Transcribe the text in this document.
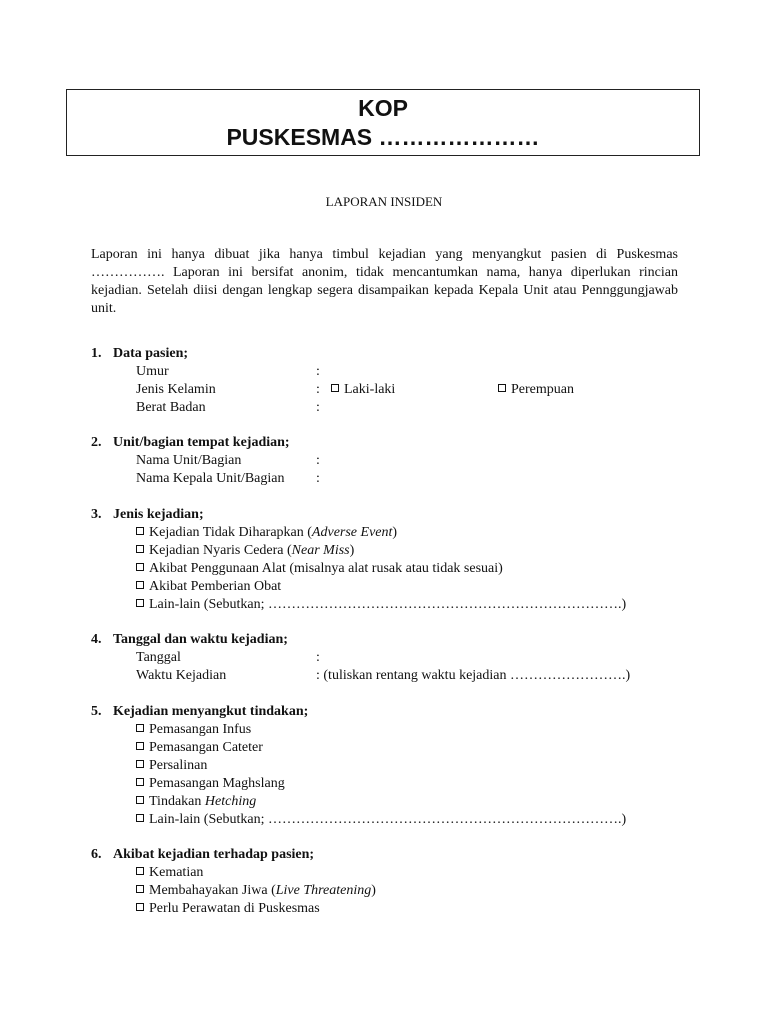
KOP
PUSKESMAS …………………
LAPORAN INSIDEN
Laporan ini hanya dibuat jika hanya timbul kejadian yang menyangkut pasien di Puskesmas ……………. Laporan ini bersifat anonim, tidak mencantumkan nama, hanya diperlukan rincian kejadian. Setelah diisi dengan lengkap segera disampaikan kepada Kepala Unit atau Pennggungjawab unit.
1. Data pasien;
Umur	:
Jenis Kelamin	:	Laki-laki	Perempuan
Berat Badan	:
2. Unit/bagian tempat kejadian;
Nama Unit/Bagian	:
Nama Kepala Unit/Bagian :
3. Jenis kejadian;
Kejadian Tidak Diharapkan (Adverse Event)
Kejadian Nyaris Cedera (Near Miss)
Akibat Penggunaan Alat (misalnya alat rusak atau tidak sesuai)
Akibat Pemberian Obat
Lain-lain (Sebutkan; ………………………………………………………………….)
4. Tanggal dan waktu kejadian;
Tanggal	:
Waktu Kejadian	: (tuliskan rentang waktu kejadian …………………….)
5. Kejadian menyangkut tindakan;
Pemasangan Infus
Pemasangan Cateter
Persalinan
Pemasangan Maghslang
Tindakan Hetching
Lain-lain (Sebutkan; ………………………………………………………………….)
6. Akibat kejadian terhadap pasien;
Kematian
Membahayakan Jiwa (Live Threatening)
Perlu Perawatan di Puskesmas
